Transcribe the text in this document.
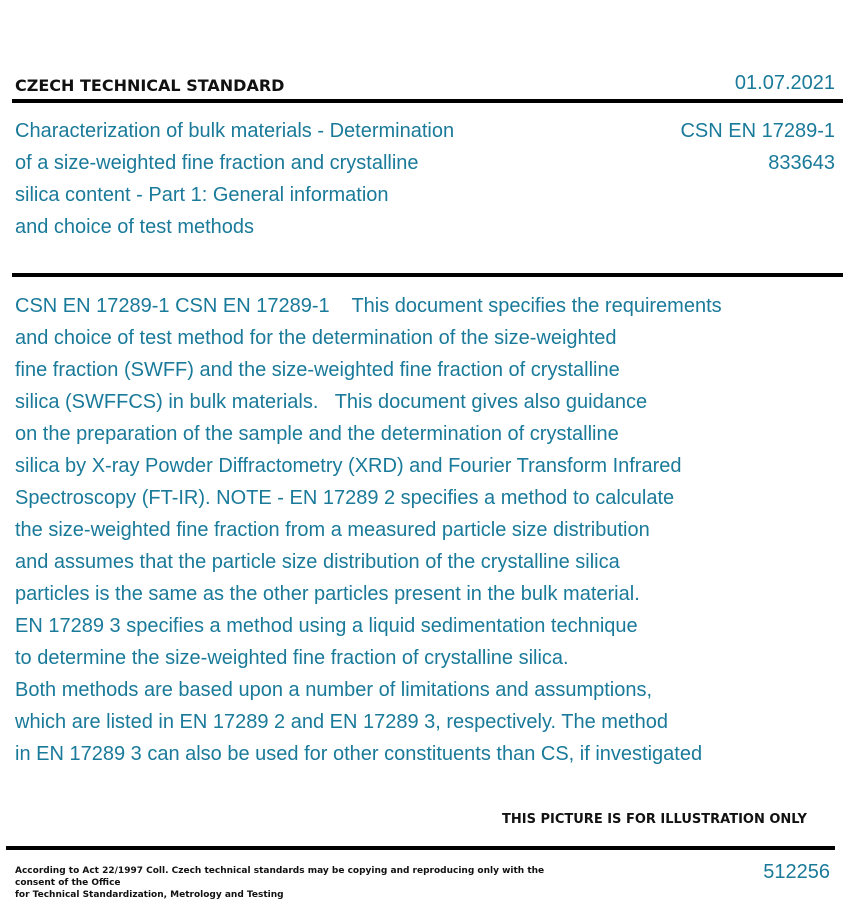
CZECH TECHNICAL STANDARD	01.07.2021
Characterization of bulk materials - Determination
of a size-weighted fine fraction and crystalline
silica content - Part 1: General information
and choice of test methods
CSN EN 17289-1
833643
CSN EN 17289-1 CSN EN 17289-1    This document specifies the requirements
and choice of test method for the determination of the size-weighted
fine fraction (SWFF) and the size-weighted fine fraction of crystalline
silica (SWFFCS) in bulk materials.   This document gives also guidance
on the preparation of the sample and the determination of crystalline
silica by X-ray Powder Diffractometry (XRD) and Fourier Transform Infrared
Spectroscopy (FT-IR). NOTE - EN 17289 2 specifies a method to calculate
the size-weighted fine fraction from a measured particle size distribution
and assumes that the particle size distribution of the crystalline silica
particles is the same as the other particles present in the bulk material.
EN 17289 3 specifies a method using a liquid sedimentation technique
to determine the size-weighted fine fraction of crystalline silica.
Both methods are based upon a number of limitations and assumptions,
which are listed in EN 17289 2 and EN 17289 3, respectively. The method
in EN 17289 3 can also be used for other constituents than CS, if investigated
THIS PICTURE IS FOR ILLUSTRATION ONLY
According to Act 22/1997 Coll. Czech technical standards may be copying and reproducing only with the consent of the Office
for Technical Standardization, Metrology and Testing
512256
